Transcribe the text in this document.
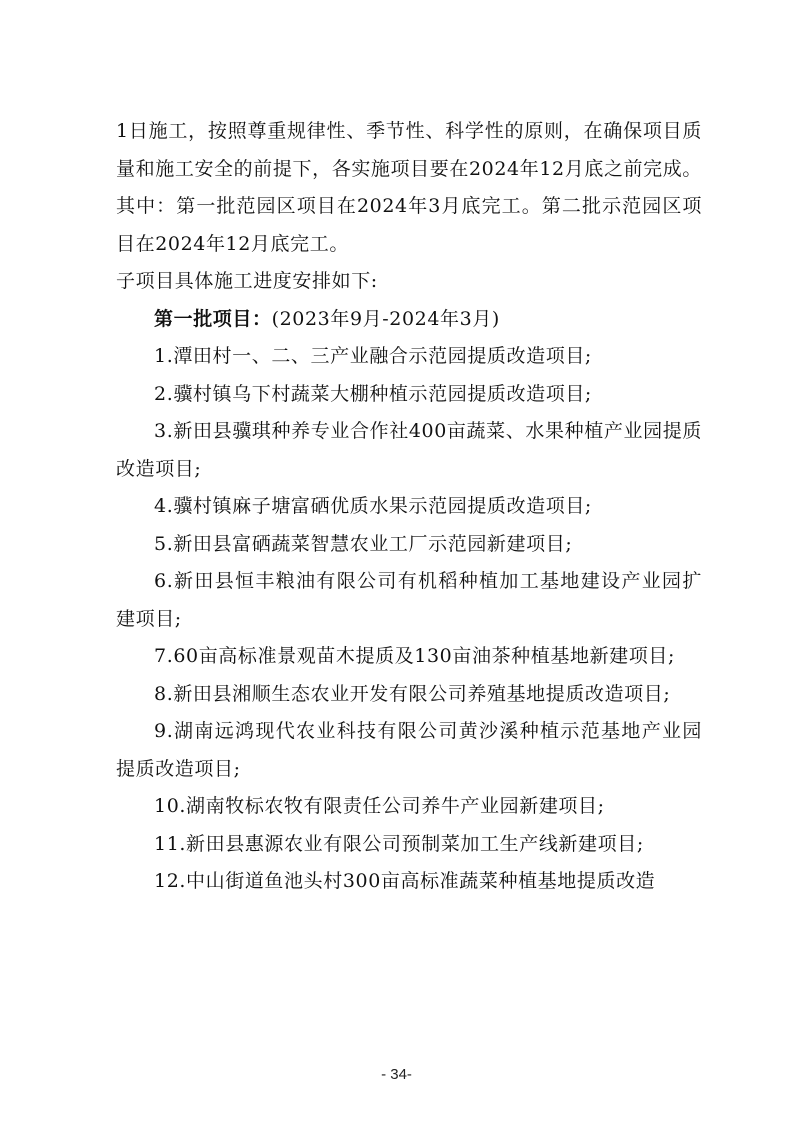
1日施工，按照尊重规律性、季节性、科学性的原则，在确保项目质量和施工安全的前提下，各实施项目要在2024年12月底之前完成。其中：第一批范园区项目在2024年3月底完工。第二批示范园区项目在2024年12月底完工。

子项目具体施工进度安排如下:

第一批项目：(2023年9月-2024年3月)

1.潭田村一、二、三产业融合示范园提质改造项目;

2.骥村镇乌下村蔬菜大棚种植示范园提质改造项目;

3.新田县骥琪种养专业合作社400亩蔬菜、水果种植产业园提质改造项目;

4.骥村镇麻子塘富硒优质水果示范园提质改造项目;

5.新田县富硒蔬菜智慧农业工厂示范园新建项目;

6.新田县恒丰粮油有限公司有机稻种植加工基地建设产业园扩建项目;

7.60亩高标准景观苗木提质及130亩油茶种植基地新建项目;

8.新田县湘顺生态农业开发有限公司养殖基地提质改造项目;

9.湖南远鸿现代农业科技有限公司黄沙溪种植示范基地产业园提质改造项目;

10.湖南牧标农牧有限责任公司养牛产业园新建项目;

11.新田县惠源农业有限公司预制菜加工生产线新建项目;

12.中山街道鱼池头村300亩高标准蔬菜种植基地提质改造

- 34-
